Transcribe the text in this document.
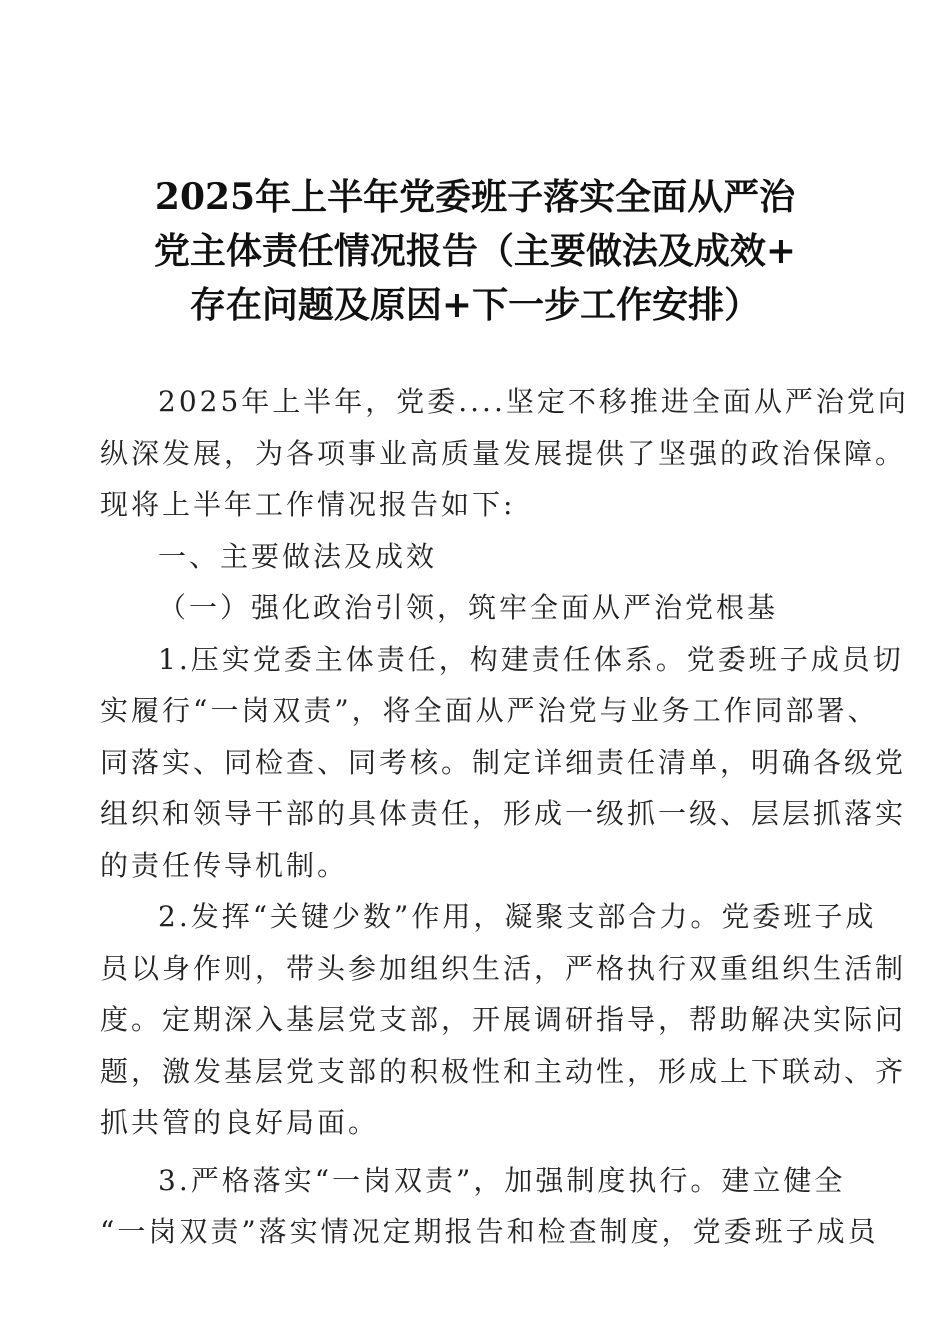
2025年上半年党委班子落实全面从严治
党主体责任情况报告（主要做法及成效+
存在问题及原因+下一步工作安排）
2025年上半年，党委....坚定不移推进全面从严治党向
纵深发展，为各项事业高质量发展提供了坚强的政治保障。
现将上半年工作情况报告如下:
一、主要做法及成效
（一）强化政治引领，筑牢全面从严治党根基
1.压实党委主体责任，构建责任体系。党委班子成员切
实履行“一岗双责”，将全面从严治党与业务工作同部署、
同落实、同检查、同考核。制定详细责任清单，明确各级党
组织和领导干部的具体责任，形成一级抓一级、层层抓落实
的责任传导机制。
2.发挥“关键少数”作用，凝聚支部合力。党委班子成
员以身作则，带头参加组织生活，严格执行双重组织生活制
度。定期深入基层党支部，开展调研指导，帮助解决实际问
题，激发基层党支部的积极性和主动性，形成上下联动、齐
抓共管的良好局面。
3.严格落实“一岗双责”，加强制度执行。建立健全
“一岗双责”落实情况定期报告和检查制度，党委班子成员
